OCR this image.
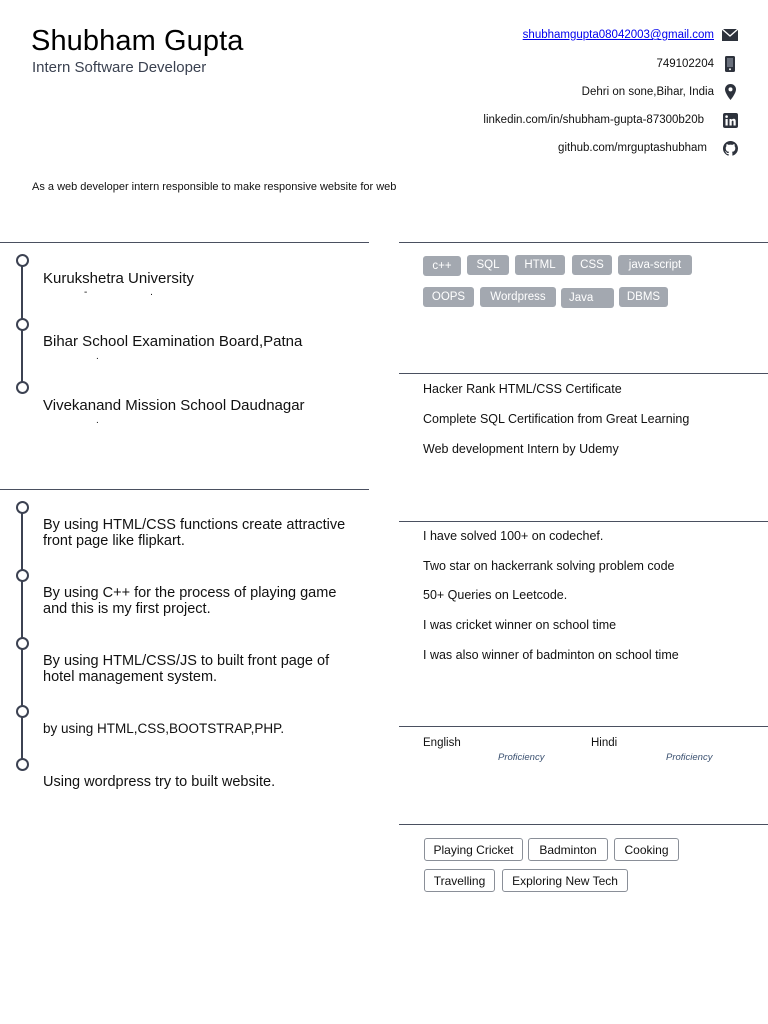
Shubham Gupta
Intern Software Developer
shubhamgupta08042003@gmail.com
749102204
Dehri on sone,Bihar, India
linkedin.com/in/shubham-gupta-87300b20b
github.com/mrguptashubham
As a web developer intern responsible to make responsive website for web
Kurukshetra University
- .
Bihar School Examination Board,Patna
.
Vivekanand Mission School Daudnagar
.
By using HTML/CSS functions create attractive front page like flipkart.
By using C++ for the process of playing game and this is my first project.
By using HTML/CSS/JS to built front page of hotel management system.
by using HTML,CSS,BOOTSTRAP,PHP.
Using wordpress try to built website.
c++	SQL	HTML	CSS	java-script
OOPS	Wordpress	Java	DBMS
Hacker Rank HTML/CSS Certificate
Complete SQL Certification from Great Learning
Web development Intern by Udemy
I have solved 100+ on codechef.
Two star on hackerrank solving problem code
50+ Queries on Leetcode.
I was cricket winner on school time
I was also winner of badminton on school time
English
Proficiency
Hindi
Proficiency
Playing Cricket	Badminton	Cooking
Travelling	Exploring New Tech
